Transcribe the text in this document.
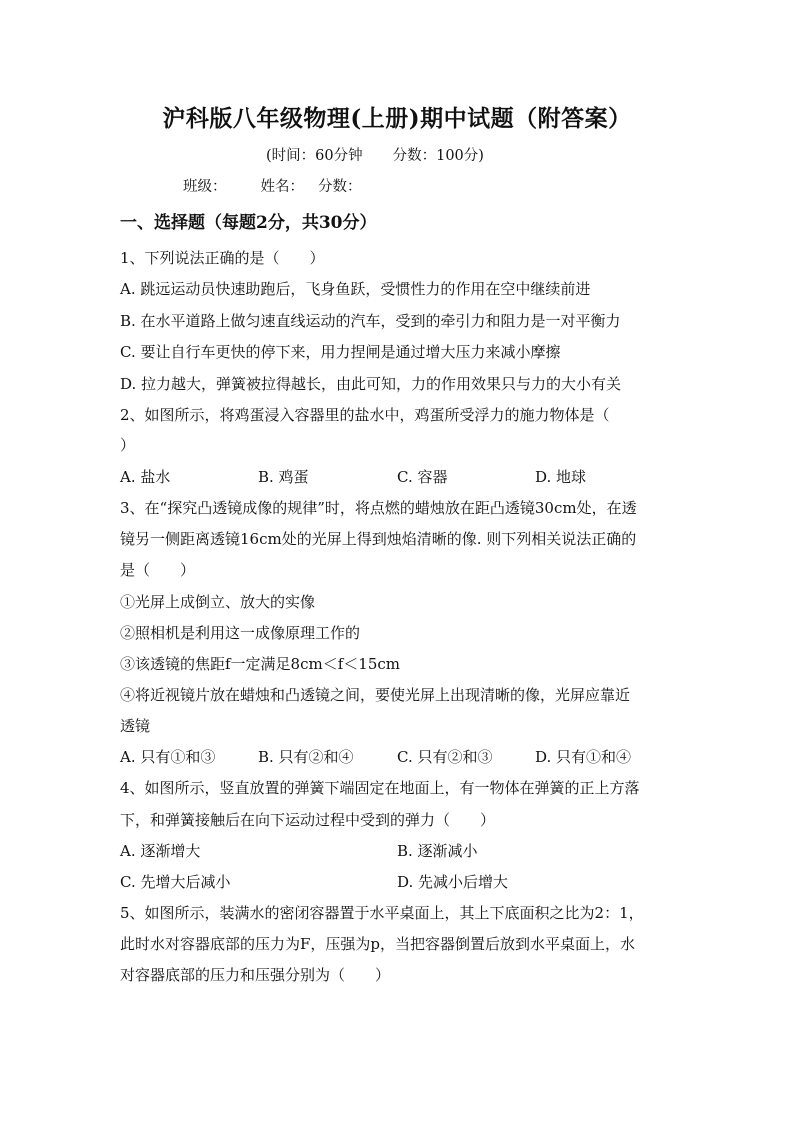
沪科版八年级物理(上册)期中试题（附答案）
(时间：60分钟 分数：100分)
班级： 姓名： 分数：
一、选择题（每题2分，共30分）
1、下列说法正确的是（　　）
A. 跳远运动员快速助跑后，飞身鱼跃，受惯性力的作用在空中继续前进
B. 在水平道路上做匀速直线运动的汽车，受到的牵引力和阻力是一对平衡力
C. 要让自行车更快的停下来，用力捏闸是通过增大压力来减小摩擦
D. 拉力越大，弹簧被拉得越长，由此可知，力的作用效果只与力的大小有关
2、如图所示，将鸡蛋浸入容器里的盐水中，鸡蛋所受浮力的施力物体是（
）
A. 盐水	B. 鸡蛋	C. 容器	D. 地球
3、在“探究凸透镜成像的规律”时，将点燃的蜡烛放在距凸透镜30cm处，在透
镜另一侧距离透镜16cm处的光屏上得到烛焰清晰的像. 则下列相关说法正确的
是（　　）
①光屏上成倒立、放大的实像
②照相机是利用这一成像原理工作的
③该透镜的焦距f一定满足8cm＜f＜15cm
④将近视镜片放在蜡烛和凸透镜之间，要使光屏上出现清晰的像，光屏应靠近
透镜
A. 只有①和③	B. 只有②和④	C. 只有②和③	D. 只有①和④
4、如图所示，竖直放置的弹簧下端固定在地面上，有一物体在弹簧的正上方落
下，和弹簧接触后在向下运动过程中受到的弹力（　　）
A. 逐渐增大	B. 逐渐减小
C. 先增大后减小	D. 先减小后增大
5、如图所示，装满水的密闭容器置于水平桌面上，其上下底面积之比为2：1，
此时水对容器底部的压力为F，压强为p，当把容器倒置后放到水平桌面上，水
对容器底部的压力和压强分别为（　　）
